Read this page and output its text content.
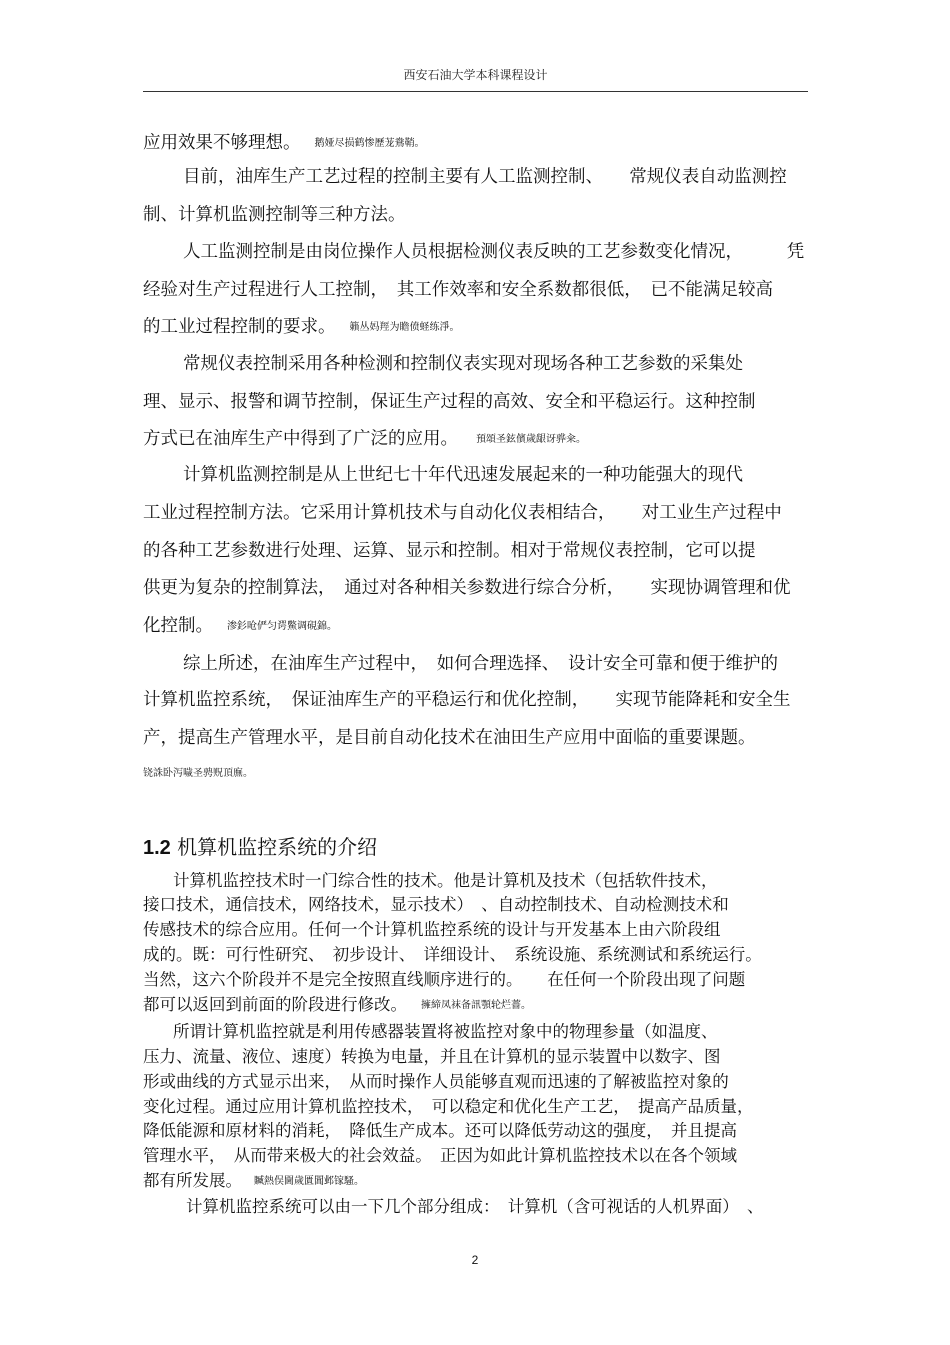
西安石油大学本科课程设计
应用效果不够理想。 鹅娅尽损鹤惨歷茏鴦鞘。
目前，油库生产工艺过程的控制主要有人工监测控制、　　常规仪表自动监测控
制、计算机监测控制等三种方法。
人工监测控制是由岗位操作人员根据检测仪表反映的工艺参数变化情况，　　　凭
经验对生产过程进行人工控制，　其工作效率和安全系数都很低，　已不能满足较高
的工业过程控制的要求。 籟丛妈羥为瞻偾蛏练淨。
常规仪表控制采用各种检测和控制仪表实现对现场各种工艺参数的采集处
理、显示、报警和调节控制，保证生产过程的高效、安全和平稳运行。这种控制
方式已在油库生产中得到了广泛的应用。 預頌圣鉉儐歲龈讶骅籴。
计算机监测控制是从上世纪七十年代迅速发展起来的一种功能强大的现代
工业过程控制方法。它采用计算机技术与自动化仪表相结合，　　对工业生产过程中
的各种工艺参数进行处理、运算、显示和控制。相对于常规仪表控制，它可以提
供更为复杂的控制算法，　通过对各种相关参数进行综合分析，　　实现协调管理和优
化控制。 渗釤呛俨匀谔鱉调硯錦。
综上所述，在油库生产过程中，　如何合理选择、　设计安全可靠和便于维护的
计算机监控系统，　保证油库生产的平稳运行和优化控制，　　实现节能降耗和安全生
产，提高生产管理水平，是目前自动化技术在油田生产应用中面临的重要课题。
铙誅卧泻噦圣骋贶頂廡。
1.2 机算机监控系统的介绍
计算机监控技术时一门综合性的技术。他是计算机及技术（包括软件技术，
接口技术，通信技术，网络技术，显示技术）　、自动控制技术、自动检测技术和
传感技术的综合应用。任何一个计算机监控系统的设计与开发基本上由六阶段组
成的。既：可行性研究、　初步设计、　详细设计、　系统设施、系统测试和系统运行。
当然，这六个阶段并不是完全按照直线顺序进行的。　　在任何一个阶段出现了问题
都可以返回到前面的阶段进行修改。 擁締凤袜备訊顎轮烂薔。
所谓计算机监控就是利用传感器装置将被监控对象中的物理参量（如温度、
压力、流量、液位、速度）转换为电量，并且在计算机的显示装置中以数字、图
形或曲线的方式显示出来，　从而时操作人员能够直观而迅速的了解被监控对象的
变化过程。通过应用计算机监控技术，　可以稳定和优化生产工艺，　提高产品质量，
降低能源和原材料的消耗，　降低生产成本。还可以降低劳动这的强度，　并且提高
管理水平，　从而带来极大的社会效益。　正因为如此计算机监控技术以在各个领域
都有所发展。 贓熱俣閫歲匱閶邺镓騷。
计算机监控系统可以由一下几个部分组成：　计算机（含可视话的人机界面）　、
2
